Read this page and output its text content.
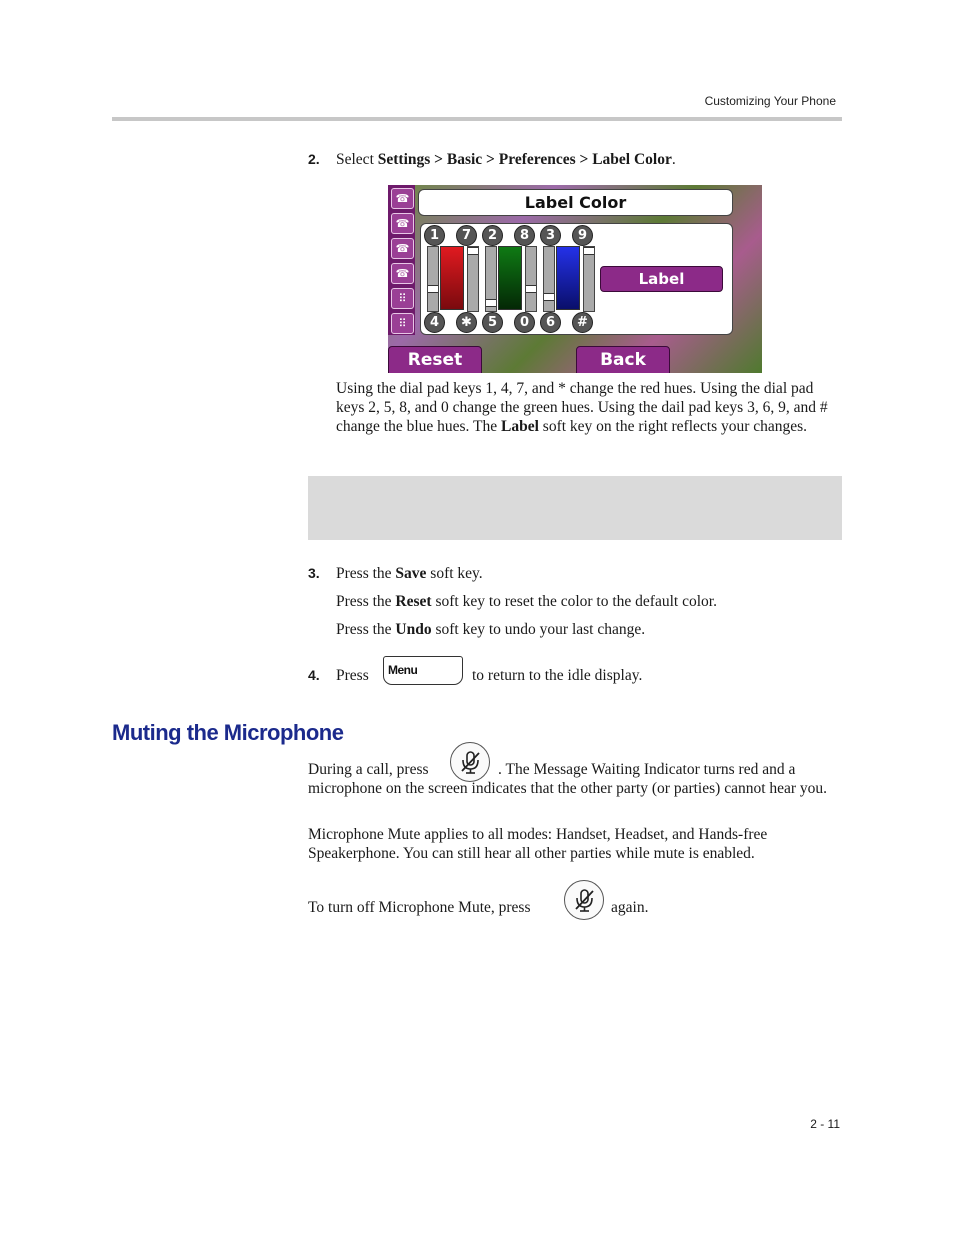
Customizing Your Phone
2. Select Settings > Basic > Preferences > Label Color.
☎
☎
☎
☎
⠿
⠿
Label Color
1	7	2	8	3	9
4	✱	5	0	6	#
Label
Reset	Back
Using the dial pad keys 1, 4, 7, and * change the red hues. Using the dial pad keys 2, 5, 8, and 0 change the green hues. Using the dail pad keys 3, 6, 9, and # change the blue hues. The Label soft key on the right reflects your changes.
3. Press the Save soft key.
Press the Reset soft key to reset the color to the default color.
Press the Undo soft key to undo your last change.
4. Press Menu	to return to the idle display.
Muting the Microphone
During a call, press	. The Message Waiting Indicator turns red and a microphone on the screen indicates that the other party (or parties) cannot hear you.
Microphone Mute applies to all modes: Handset, Headset, and Hands-free Speakerphone. You can still hear all other parties while mute is enabled.
To turn off Microphone Mute, press	again.
2 - 11
